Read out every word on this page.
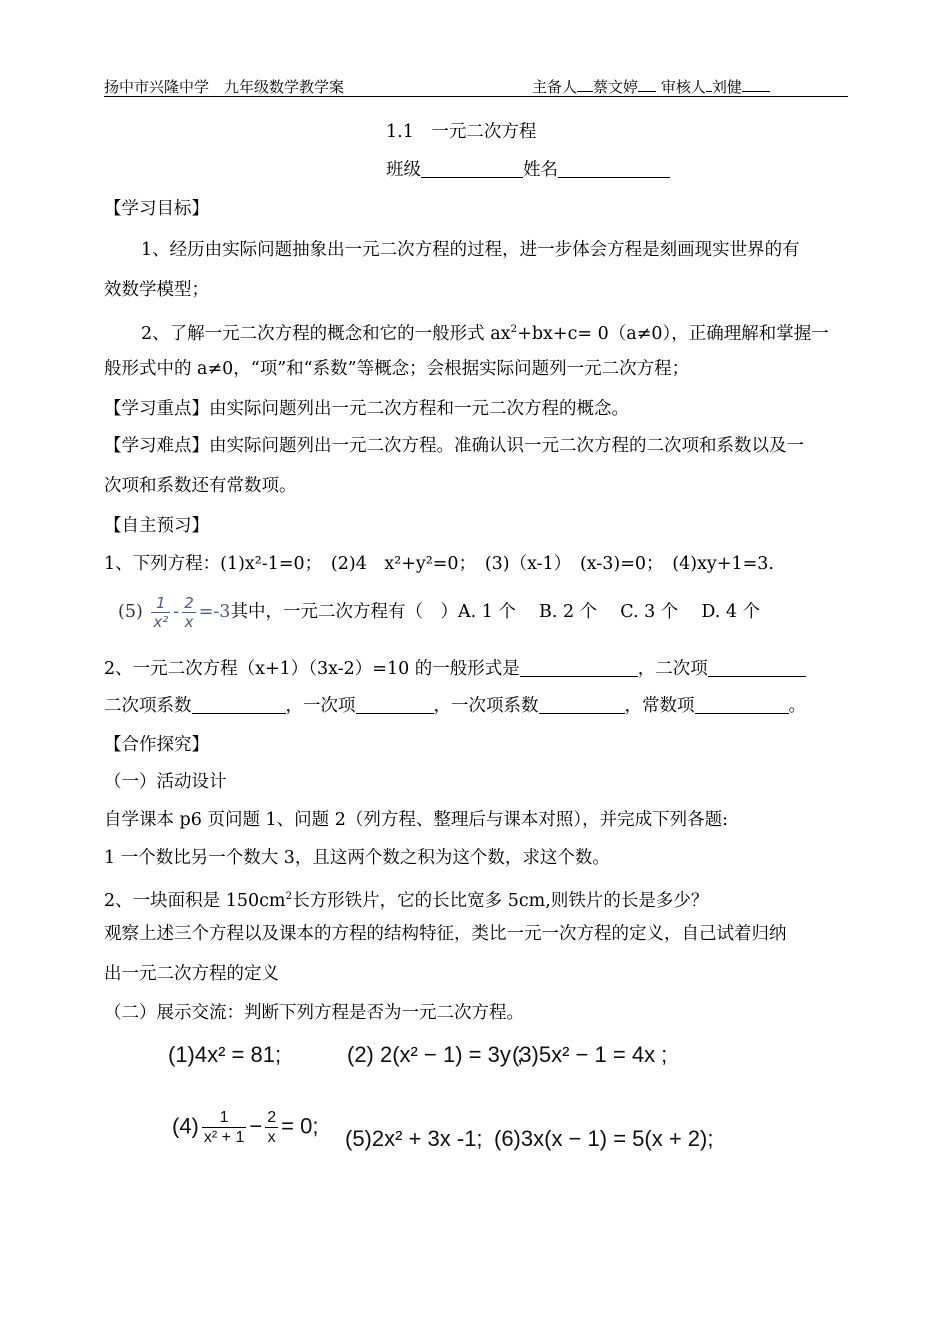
扬中市兴隆中学　九年级数学教学案	主备人 蔡文婷 审核人 刘健
1.1　一元二次方程
班级	姓名
【学习目标】
1、经历由实际问题抽象出一元二次方程的过程，进一步体会方程是刻画现实世界的有
效数学模型；
2、了解一元二次方程的概念和它的一般形式 $ax^2+bx+c= 0(a\ne 0)$，正确理解和掌握一
般形式中的 a≠0，“项”和“系数”等概念；会根据实际问题列一元二次方程；
【学习重点】由实际问题列出一元二次方程和一元二次方程的概念。
【学习难点】由实际问题列出一元二次方程。准确认识一元二次方程的二次项和系数以及一
次项和系数还有常数项。
【自主预习】
1、下列方程：(1)x²-1=0；　(2)4　x²+y²=0；　(3)（x-1）　(x-3)=0；　(4)xy+1=3.
$(5) \frac{1}{\text{x²}} - \frac{2}{x} =-3$其中，一元二次方程有（　）A. 1 个　 B. 2 个　 C. 3 个　 D. 4 个
2、一元二次方程（x+1）（3x-2）=10 的一般形式是	，二次项
二次项系数	，一次项	，一次项系数	，常数项	。
【合作探究】
（一）活动设计
自学课本 p6 页问题 1、问题 2（列方程、整理后与课本对照），并完成下列各题:
1 一个数比另一个数大 3，且这两个数之积为这个数，求这个数。
2、一块面积是 $150cm^2$长方形铁片，它的长比宽多 5cm,则铁片的长是多少？
观察上述三个方程以及课本的方程的结构特征，类比一元一次方程的定义，自己试着归纳
出一元二次方程的定义
（二）展示交流：判断下列方程是否为一元二次方程。
(1)4x² = 81;	(2) 2(x² − 1) = 3y ;
(3)5x² − 1 = 4x ;
$(4) \frac{1}{\text{x² + 1}} - \frac{2}{x} = 0$;
(5)2x² + 3x -1; (6)3x(x − 1) = 5(x + 2);
